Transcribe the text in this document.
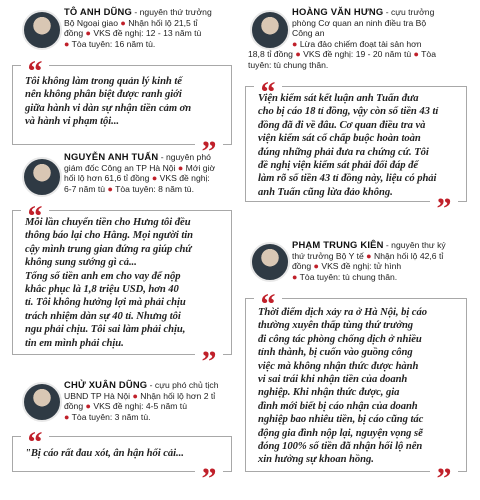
TÔ ANH DŨNG - nguyên thứ trưởng
Bộ Ngoại giao ● Nhận hối lộ 21,5 tỉ
đồng ● VKS đề nghị: 12 - 13 năm tù
● Tòa tuyên: 16 năm tù.
Tôi không làm trong quản lý kinh tế
nên không phân biệt được ranh giới
giữa hành vi dàn sự nhận tiền cảm ơn
và hành vi phạm tội...
NGUYỄN ANH TUẤN - nguyên phó
giám đốc Công an TP Hà Nội ● Mới giờ
hối lộ hơn 61,6 tỉ đồng ● VKS đề nghị:
6-7 năm tù ● Tòa tuyên: 8 năm tù.
Mỗi lần chuyển tiền cho Hưng tôi đều
thông báo lại cho Hằng. Mọi người tin
cậy mình trung gian đứng ra giúp chứ
không sung sướng gì cả...
Tổng số tiền anh em cho vay để nộp
khắc phục là 1,8 triệu USD, hơn 40
tỉ. Tôi không hưởng lợi mà phải chịu
trách nhiệm dàn sự 40 tỉ. Nhưng tôi
ngu phải chịu. Tôi sai làm phải chịu,
tin em mình phải chịu.
CHỬ XUÂN DŨNG - cựu phó chủ tịch
UBND TP Hà Nội ● Nhận hối lộ hơn 2 tỉ
đồng ● VKS đề nghị: 4-5 năm tù
● Tòa tuyên: 3 năm tù.
"Bị cáo rất đau xót, ân hận hối cải...
HOÀNG VĂN HƯNG - cựu trưởng
phòng Cơ quan an ninh điều tra Bộ
Công an
● Lừa đảo chiếm đoạt tài sản hơn
18,8 tỉ đồng ● VKS đề nghị: 19 - 20 năm tù ● Tòa
tuyên: tù chung thân.
Viện kiểm sát kết luận anh Tuấn đưa
cho bị cáo 18 tỉ đồng, vậy còn số tiền 43 tỉ
đồng đã đi về đâu. Cơ quan điều tra và
viện kiểm sát cố chấp buộc hoàn toàn
đúng những phải đưa ra chứng cứ. Tôi
đề nghị viện kiểm sát phải đối đáp để
làm rõ số tiền 43 tỉ đồng này, liệu có phải
anh Tuấn cũng lừa đảo không.
PHẠM TRUNG KIÊN - nguyên thư ký
thứ trưởng Bộ Y tế ● Nhận hối lộ 42,6 tỉ
đồng ● VKS đề nghị: tử hình
● Tòa tuyên: tù chung thân.
Thời điểm dịch xảy ra ở Hà Nội, bị cáo
thường xuyên thấp tùng thứ trưởng
đi công tác phòng chống dịch ở nhiều
tỉnh thành, bị cuốn vào guồng công
việc mà không nhận thức được hành
vi sai trái khi nhận tiền của doanh
nghiệp. Khi nhận thức được, gia
đình mới biết bị cáo nhận của doanh
nghiệp bao nhiêu tiền, bị cáo cũng tác
động gia đình nộp lại, nguyện vọng sẽ
đóng 100% số tiền đã nhận hối lộ nên
xin hưởng sự khoan hồng.
